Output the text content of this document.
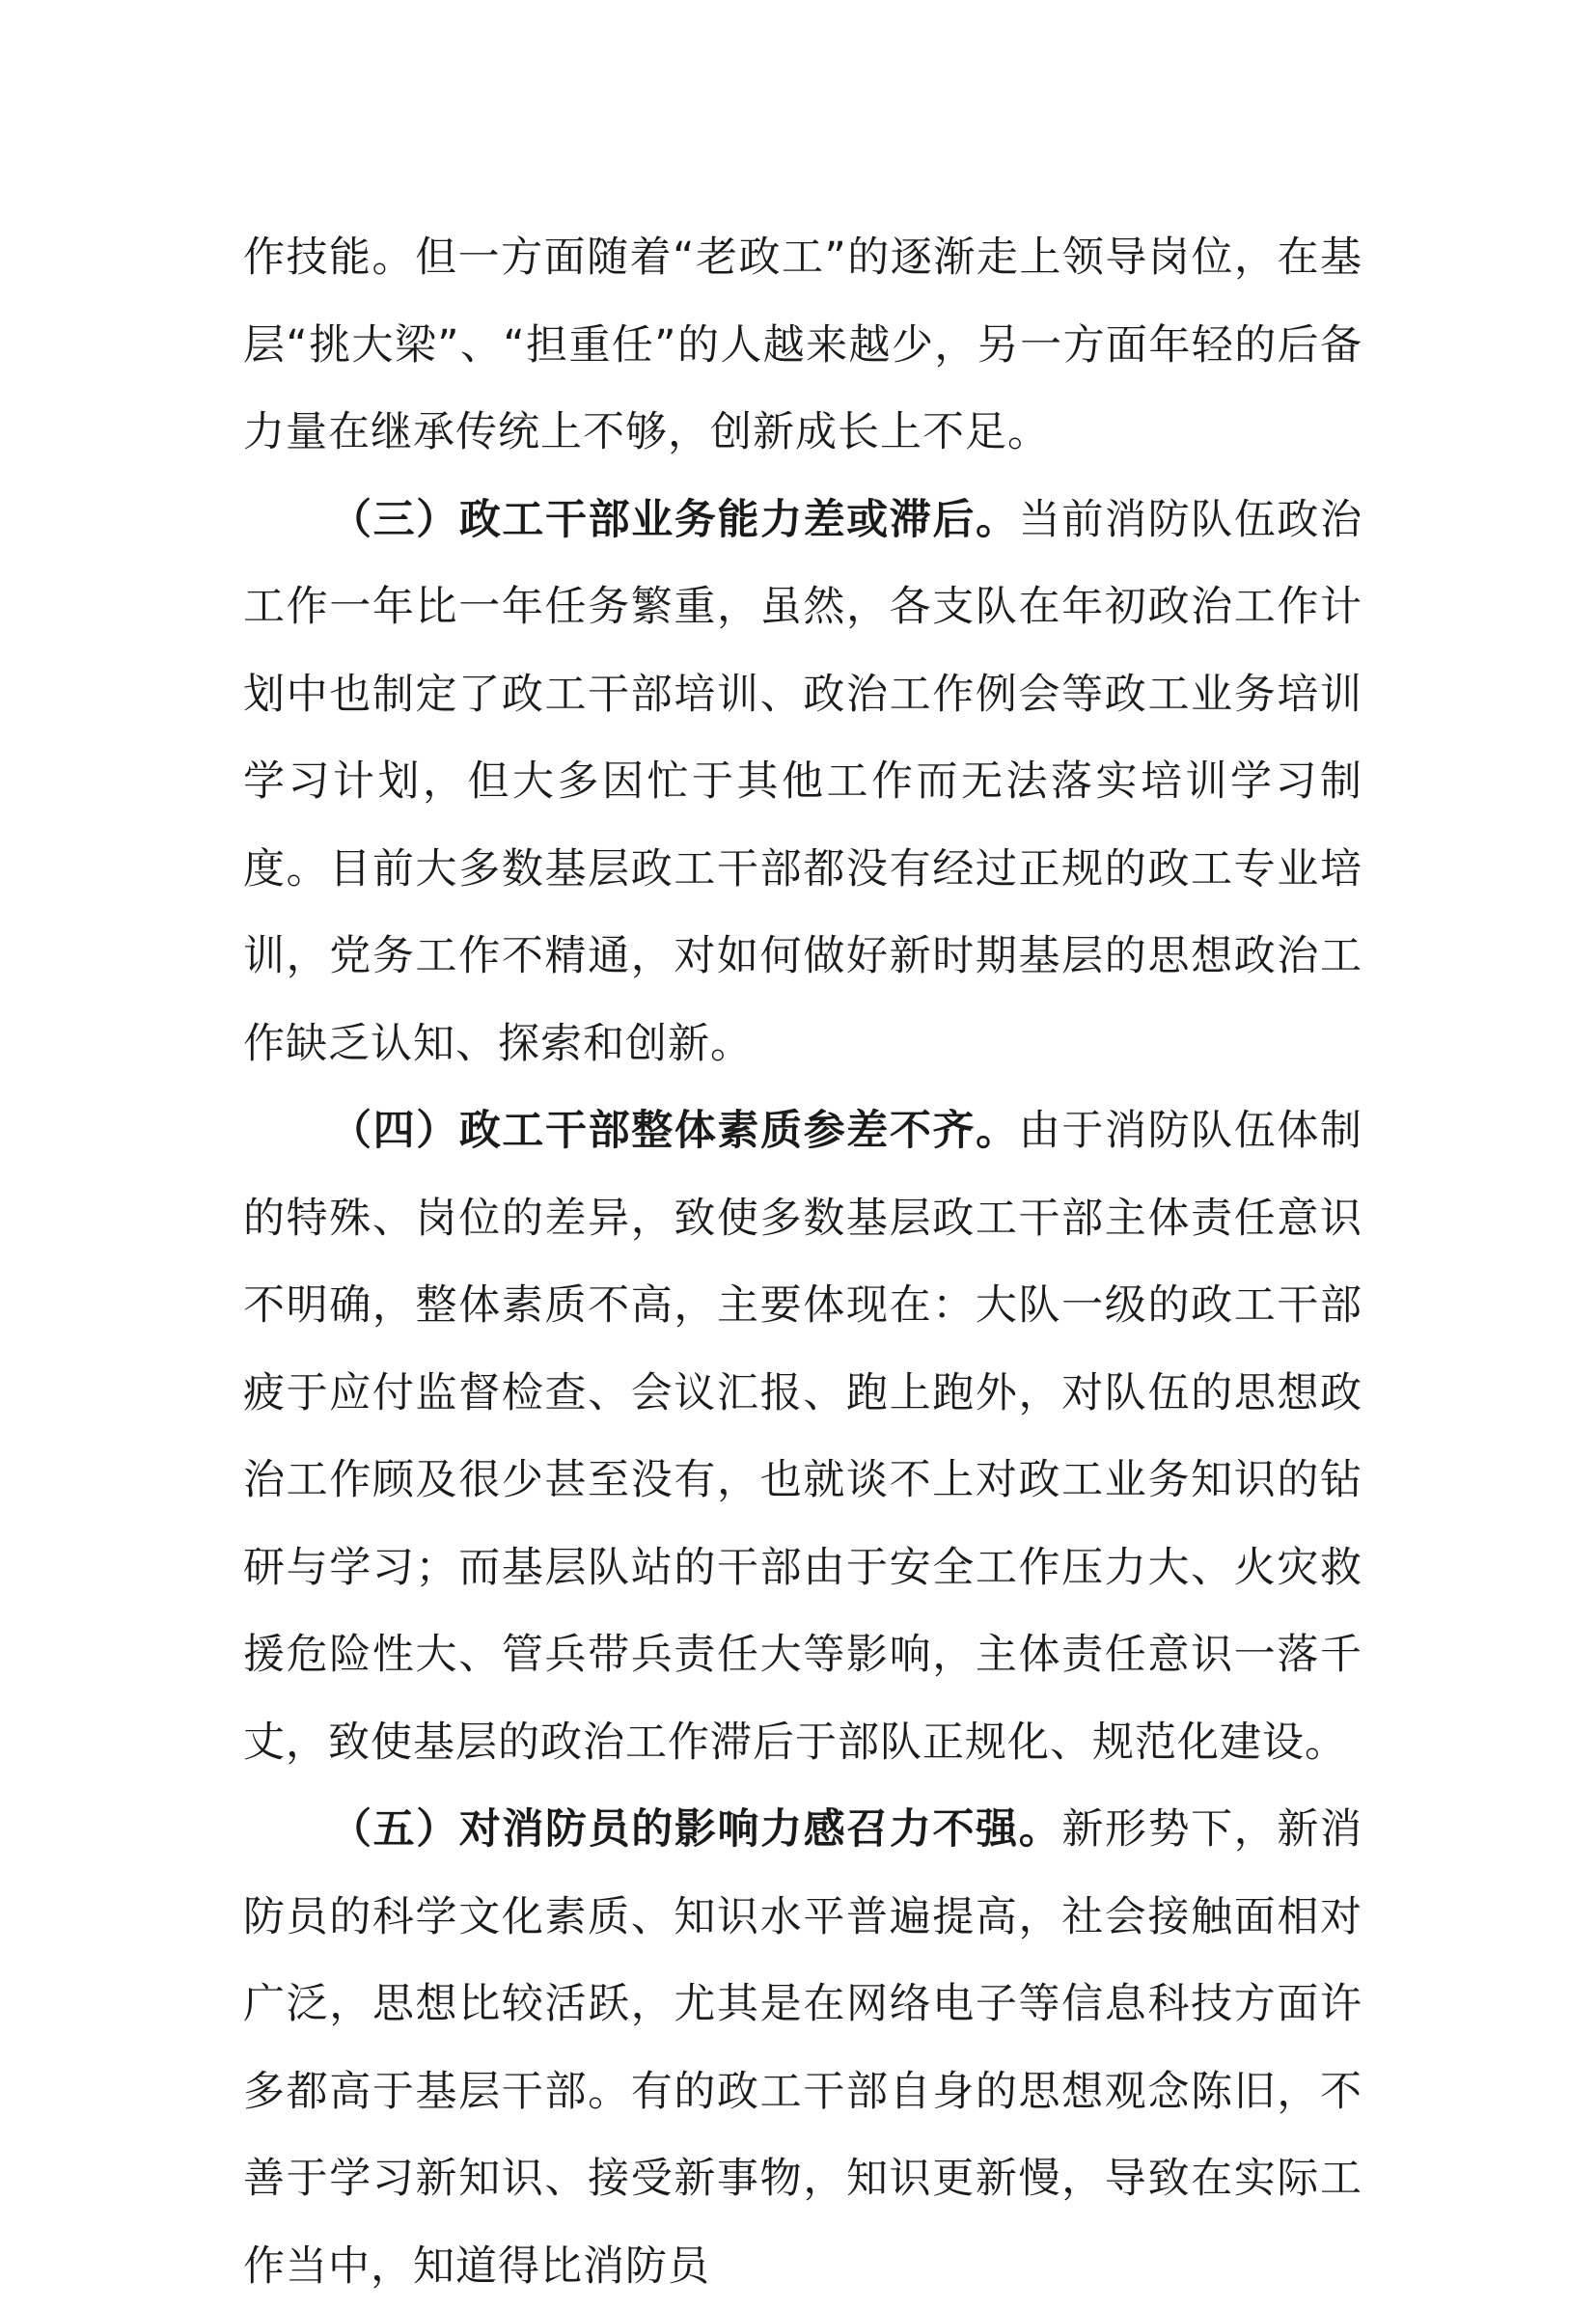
作技能。但一方面随着“老政工”的逐渐走上领导岗位，在基层“挑大梁”、“担重任”的人越来越少，另一方面年轻的后备力量在继承传统上不够，创新成长上不足。

（三）政工干部业务能力差或滞后。当前消防队伍政治工作一年比一年任务繁重，虽然，各支队在年初政治工作计划中也制定了政工干部培训、政治工作例会等政工业务培训学习计划，但大多因忙于其他工作而无法落实培训学习制度。目前大多数基层政工干部都没有经过正规的政工专业培训，党务工作不精通，对如何做好新时期基层的思想政治工作缺乏认知、探索和创新。

（四）政工干部整体素质参差不齐。由于消防队伍体制的特殊、岗位的差异，致使多数基层政工干部主体责任意识不明确，整体素质不高，主要体现在：大队一级的政工干部疲于应付监督检查、会议汇报、跑上跑外，对队伍的思想政治工作顾及很少甚至没有，也就谈不上对政工业务知识的钻研与学习；而基层队站的干部由于安全工作压力大、火灾救援危险性大、管兵带兵责任大等影响，主体责任意识一落千丈，致使基层的政治工作滞后于部队正规化、规范化建设。

（五）对消防员的影响力感召力不强。新形势下，新消防员的科学文化素质、知识水平普遍提高，社会接触面相对广泛，思想比较活跃，尤其是在网络电子等信息科技方面许多都高于基层干部。有的政工干部自身的思想观念陈旧，不善于学习新知识、接受新事物，知识更新慢，导致在实际工作当中，知道得比消防员
